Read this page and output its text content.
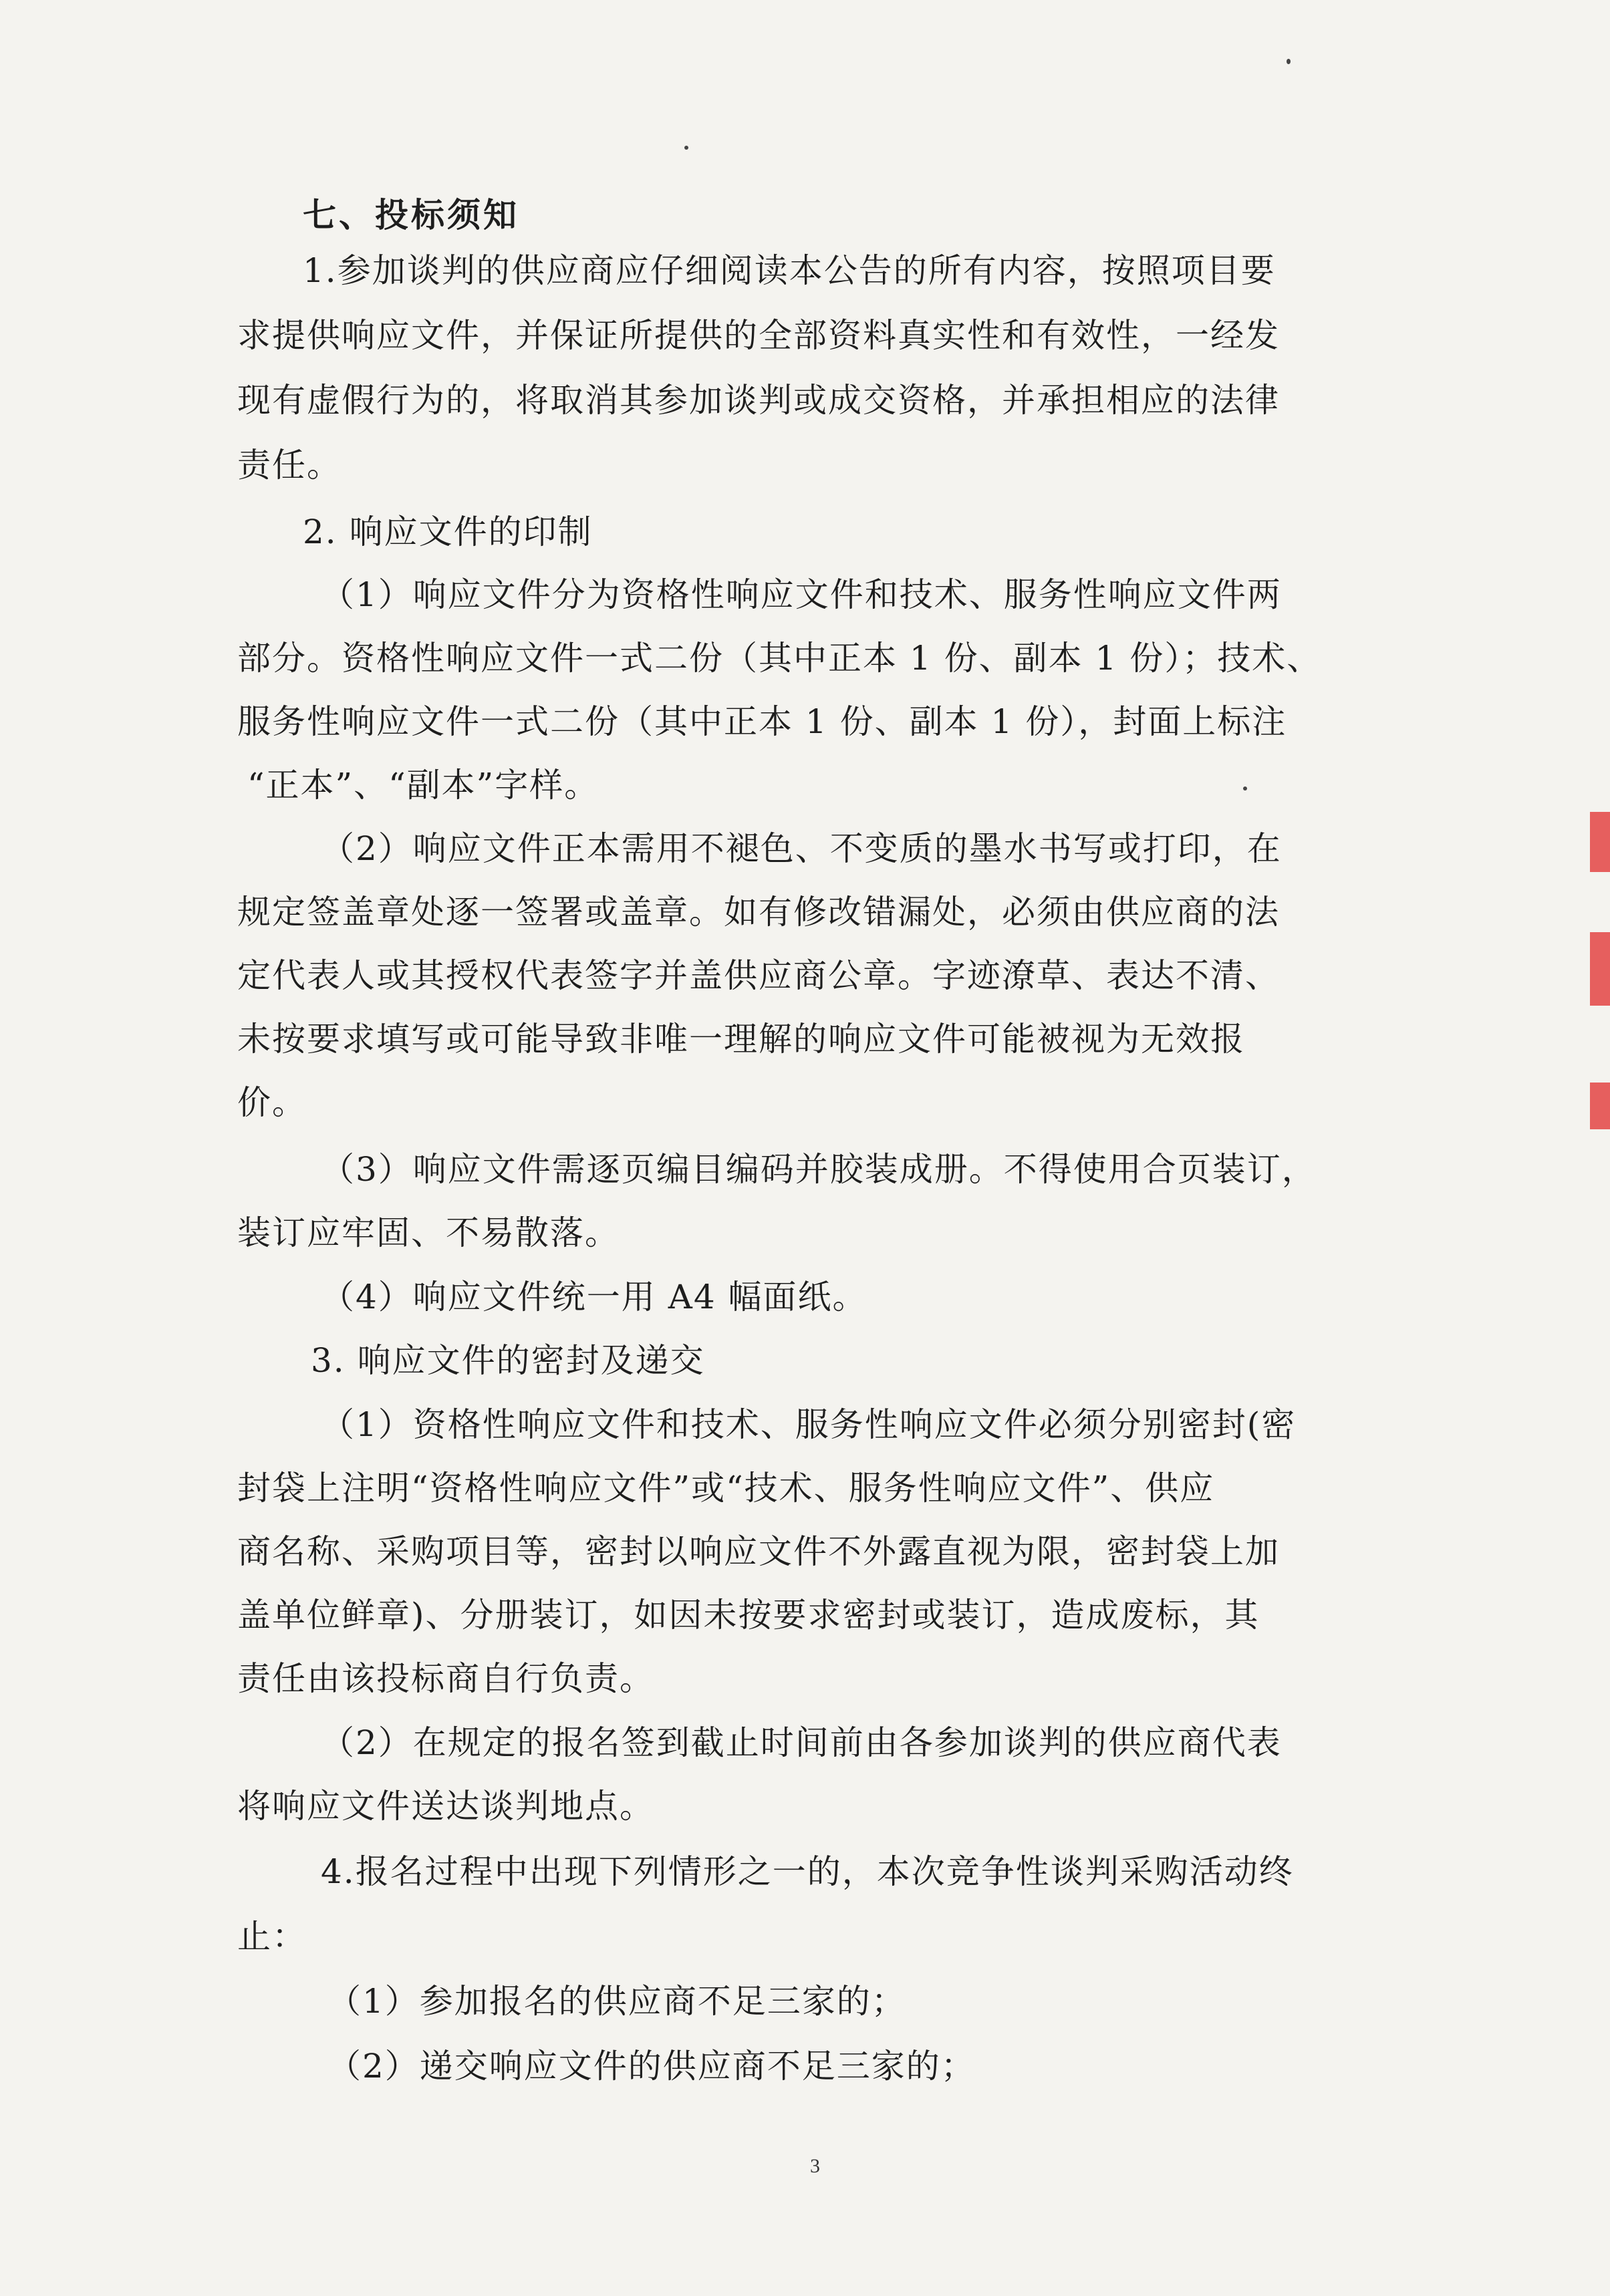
七、投标须知
1.参加谈判的供应商应仔细阅读本公告的所有内容，按照项目要
求提供响应文件，并保证所提供的全部资料真实性和有效性，一经发
现有虚假行为的，将取消其参加谈判或成交资格，并承担相应的法律
责任。
2. 响应文件的印制
（1）响应文件分为资格性响应文件和技术、服务性响应文件两
部分。资格性响应文件一式二份（其中正本 1 份、副本 1 份）；技术、
服务性响应文件一式二份（其中正本 1 份、副本 1 份），封面上标注
“正本”、“副本”字样。
（2）响应文件正本需用不褪色、不变质的墨水书写或打印，在
规定签盖章处逐一签署或盖章。如有修改错漏处，必须由供应商的法
定代表人或其授权代表签字并盖供应商公章。字迹潦草、表达不清、
未按要求填写或可能导致非唯一理解的响应文件可能被视为无效报
价。
（3）响应文件需逐页编目编码并胶装成册。不得使用合页装订，
装订应牢固、不易散落。
（4）响应文件统一用 A4 幅面纸。
3. 响应文件的密封及递交
（1）资格性响应文件和技术、服务性响应文件必须分别密封(密
封袋上注明“资格性响应文件”或“技术、服务性响应文件”、供应
商名称、采购项目等，密封以响应文件不外露直视为限，密封袋上加
盖单位鲜章)、分册装订，如因未按要求密封或装订，造成废标，其
责任由该投标商自行负责。
（2）在规定的报名签到截止时间前由各参加谈判的供应商代表
将响应文件送达谈判地点。
4.报名过程中出现下列情形之一的，本次竞争性谈判采购活动终
止：
（1）参加报名的供应商不足三家的；
（2）递交响应文件的供应商不足三家的；
3
